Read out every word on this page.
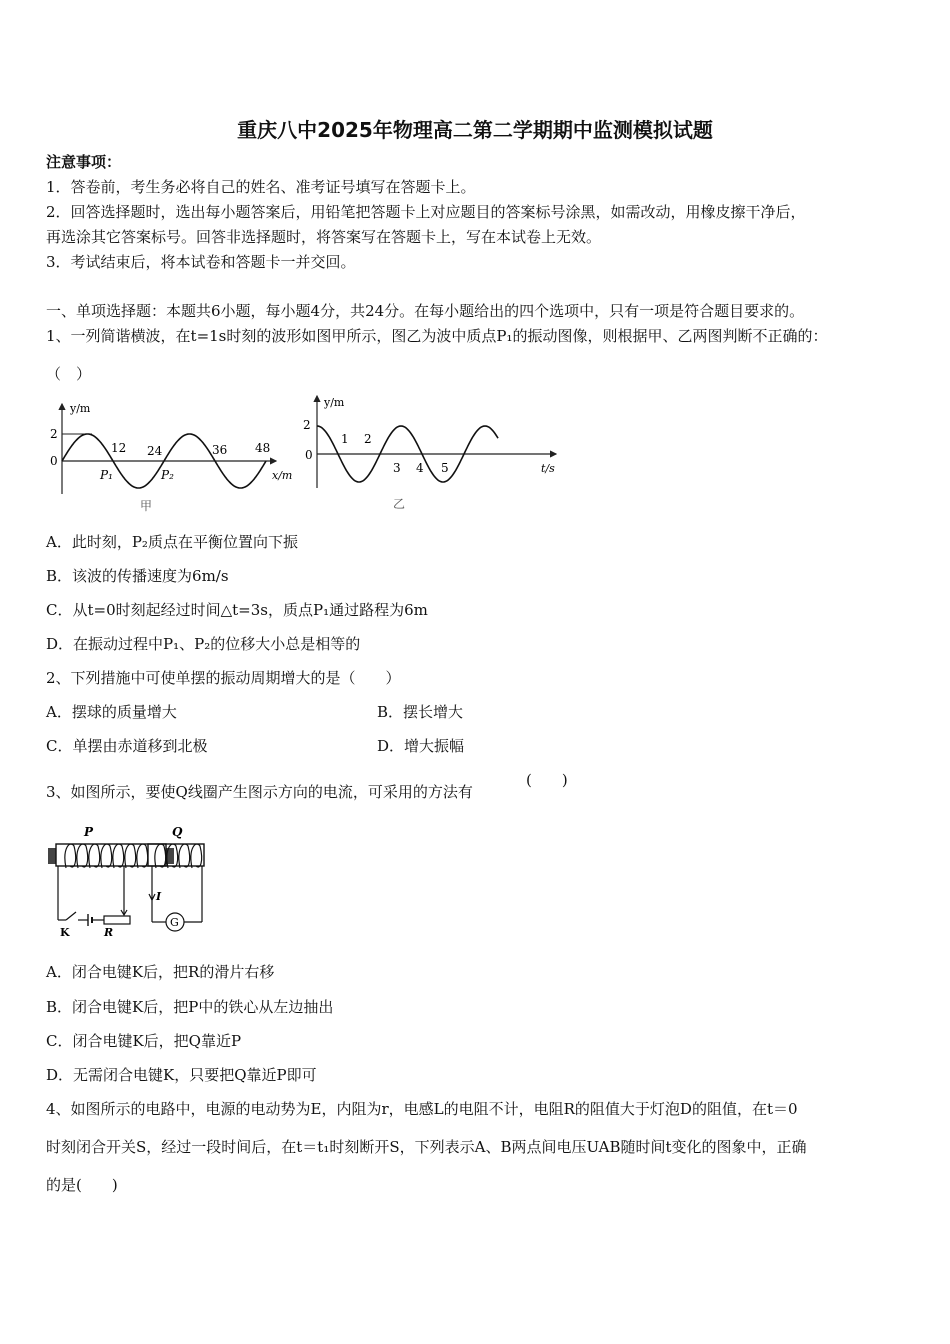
重庆八中2025年物理高二第二学期期中监测模拟试题
注意事项：
1．答卷前，考生务必将自己的姓名、准考证号填写在答题卡上。
2．回答选择题时，选出每小题答案后，用铅笔把答题卡上对应题目的答案标号涂黑，如需改动，用橡皮擦干净后，
再选涂其它答案标号。回答非选择题时，将答案写在答题卡上，写在本试卷上无效。
3．考试结束后，将本试卷和答题卡一并交回。
一、单项选择题：本题共6小题，每小题4分，共24分。在每小题给出的四个选项中，只有一项是符合题目要求的。
1、一列简谐横波，在t=1s时刻的波形如图甲所示，图乙为波中质点P₁的振动图像，则根据甲、乙两图判断不正确的：
（　）
y/m
2
0
12 24	36 48
P₁	P₂	x/m
甲
y/m
2
0
1 2
3 4 5	t/s
乙
A．此时刻，P₂质点在平衡位置向下振
B．该波的传播速度为6m/s
C．从t=0时刻起经过时间△t=3s，质点P₁通过路程为6m
D．在振动过程中P₁、P₂的位移大小总是相等的
2、下列措施中可使单摆的振动周期增大的是（　　）
A．摆球的质量增大	B．摆长增大
C．单摆由赤道移到北极	D．增大振幅
3、如图所示，要使Q线圈产生图示方向的电流，可采用的方法有
(　　)
P
K	R
Q
G
I
A．闭合电键K后，把R的滑片右移
B．闭合电键K后，把P中的铁心从左边抽出
C．闭合电键K后，把Q靠近P
D．无需闭合电键K，只要把Q靠近P即可
4、如图所示的电路中，电源的电动势为E，内阻为r，电感L的电阻不计，电阻R的阻值大于灯泡D的阻值，在t＝0
时刻闭合开关S，经过一段时间后，在t＝t₁时刻断开S，下列表示A、B两点间电压UAB随时间t变化的图象中，正确
的是(　　)
